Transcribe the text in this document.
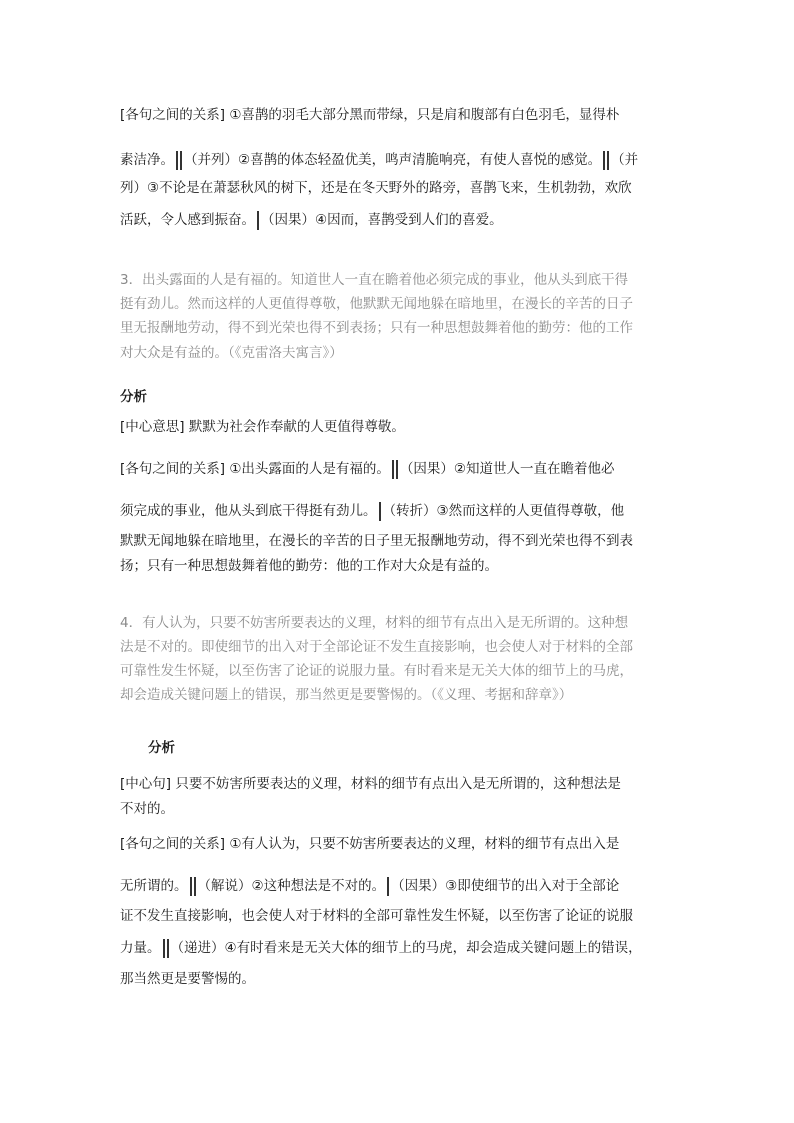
[各句之间的关系] ①喜鹊的羽毛大部分黑而带绿，只是肩和腹部有白色羽毛，显得朴
素洁净。 （并列）②喜鹊的体态轻盈优美，鸣声清脆响亮，有使人喜悦的感觉。 （并
列）③不论是在萧瑟秋风的树下，还是在冬天野外的路旁，喜鹊飞来，生机勃勃，欢欣
活跃，令人感到振奋。 （因果）④因而，喜鹊受到人们的喜爱。
3．出头露面的人是有福的。知道世人一直在瞻着他必须完成的事业，他从头到底干得
挺有劲儿。然而这样的人更值得尊敬，他默默无闻地躲在暗地里，在漫长的辛苦的日子
里无报酬地劳动，得不到光荣也得不到表扬；只有一种思想鼓舞着他的勤劳：他的工作
对大众是有益的。（《克雷洛夫寓言》）
分析
[中心意思] 默默为社会作奉献的人更值得尊敬。
[各句之间的关系] ①出头露面的人是有福的。 （因果）②知道世人一直在瞻着他必
须完成的事业，他从头到底干得挺有劲儿。 （转折）③然而这样的人更值得尊敬，他
默默无闻地躲在暗地里，在漫长的辛苦的日子里无报酬地劳动，得不到光荣也得不到表
扬；只有一种思想鼓舞着他的勤劳：他的工作对大众是有益的。
4．有人认为，只要不妨害所要表达的义理，材料的细节有点出入是无所谓的。这种想
法是不对的。即使细节的出入对于全部论证不发生直接影响，也会使人对于材料的全部
可靠性发生怀疑，以至伤害了论证的说服力量。有时看来是无关大体的细节上的马虎，
却会造成关键问题上的错误，那当然更是要警惕的。（《义理、考据和辞章》）
分析
[中心句] 只要不妨害所要表达的义理，材料的细节有点出入是无所谓的，这种想法是
不对的。
[各句之间的关系] ①有人认为，只要不妨害所要表达的义理，材料的细节有点出入是
无所谓的。 （解说）②这种想法是不对的。 （因果）③即使细节的出入对于全部论
证不发生直接影响，也会使人对于材料的全部可靠性发生怀疑，以至伤害了论证的说服
力量。 （递进）④有时看来是无关大体的细节上的马虎，却会造成关键问题上的错误，
那当然更是要警惕的。
